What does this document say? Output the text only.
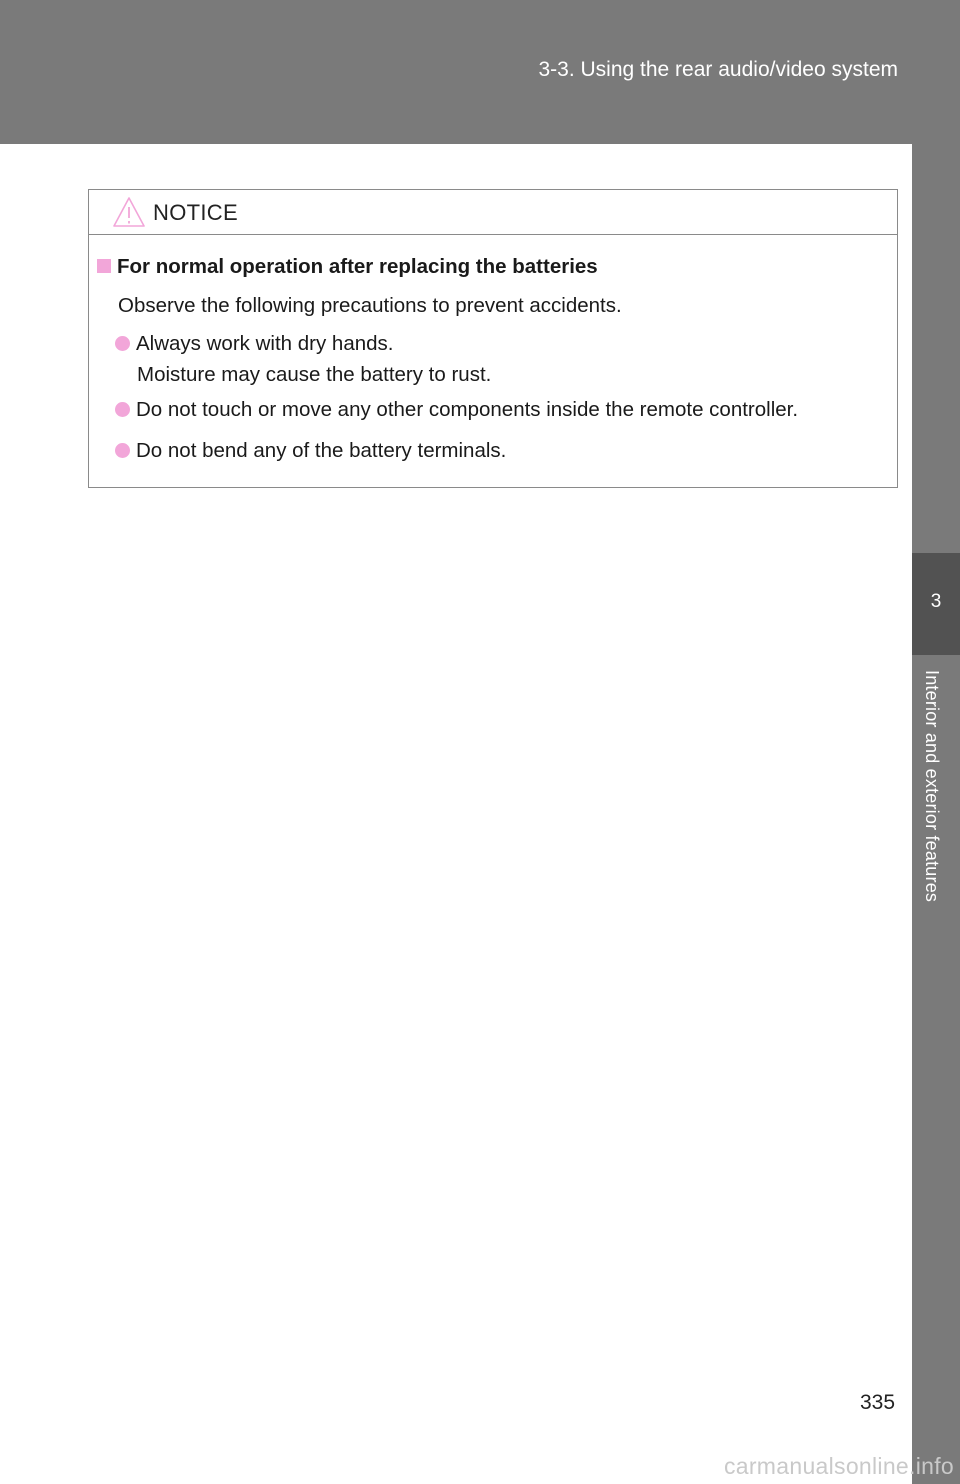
3-3. Using the rear audio/video system
3
Interior and exterior features
NOTICE
For normal operation after replacing the batteries
Observe the following precautions to prevent accidents.
Always work with dry hands.
Moisture may cause the battery to rust.
Do not touch or move any other components inside the remote controller.
Do not bend any of the battery terminals.
335
carmanualsonline.info
